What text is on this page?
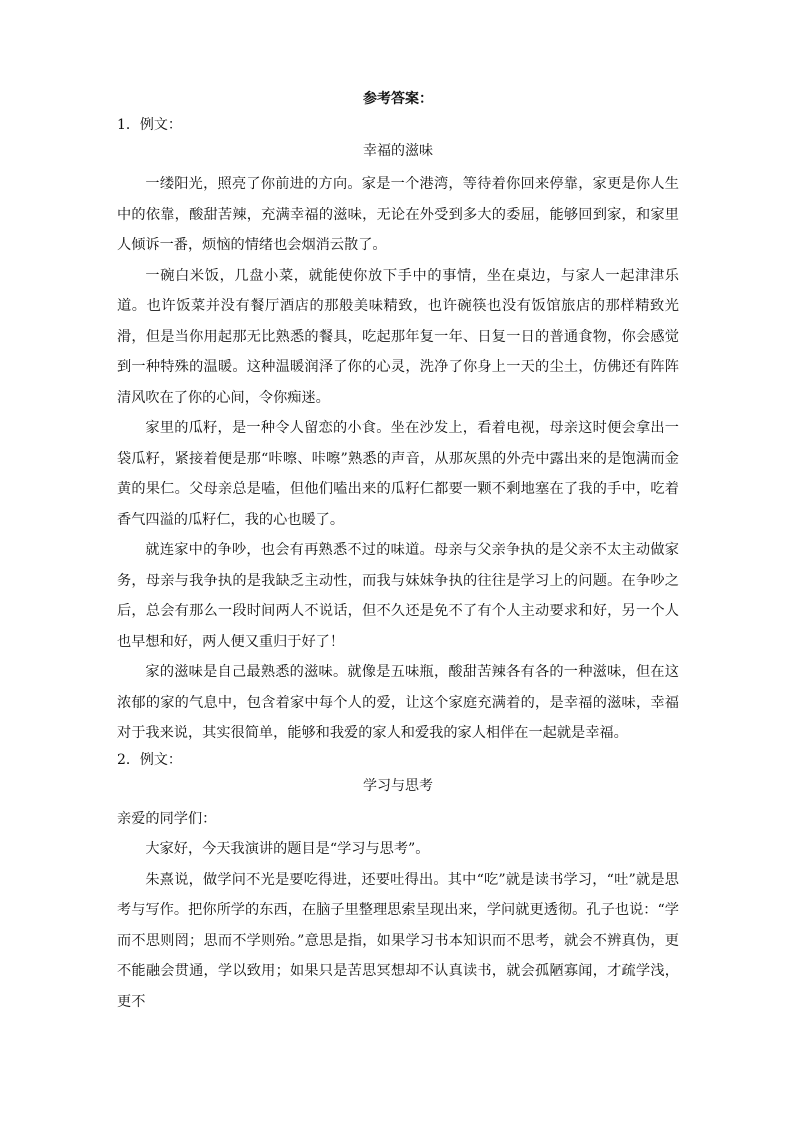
参考答案：
1．例文：
幸福的滋味

一缕阳光，照亮了你前进的方向。家是一个港湾，等待着你回来停靠，家更是你人生中的依靠，酸甜苦辣，充满幸福的滋味，无论在外受到多大的委屈，能够回到家，和家里人倾诉一番，烦恼的情绪也会烟消云散了。

一碗白米饭，几盘小菜，就能使你放下手中的事情，坐在桌边，与家人一起津津乐道。也许饭菜并没有餐厅酒店的那般美味精致，也许碗筷也没有饭馆旅店的那样精致光滑，但是当你用起那无比熟悉的餐具，吃起那年复一年、日复一日的普通食物，你会感觉到一种特殊的温暖。这种温暖润泽了你的心灵，洗净了你身上一天的尘土，仿佛还有阵阵清风吹在了你的心间，令你痴迷。

家里的瓜籽，是一种令人留恋的小食。坐在沙发上，看着电视，母亲这时便会拿出一袋瓜籽，紧接着便是那“咔嚓、咔嚓”熟悉的声音，从那灰黑的外壳中露出来的是饱满而金黄的果仁。父母亲总是嗑，但他们嗑出来的瓜籽仁都要一颗不剩地塞在了我的手中，吃着香气四溢的瓜籽仁，我的心也暖了。

就连家中的争吵，也会有再熟悉不过的味道。母亲与父亲争执的是父亲不太主动做家务，母亲与我争执的是我缺乏主动性，而我与妹妹争执的往往是学习上的问题。在争吵之后，总会有那么一段时间两人不说话，但不久还是免不了有个人主动要求和好，另一个人也早想和好，两人便又重归于好了！

家的滋味是自己最熟悉的滋味。就像是五味瓶，酸甜苦辣各有各的一种滋味，但在这浓郁的家的气息中，包含着家中每个人的爱，让这个家庭充满着的，是幸福的滋味，幸福对于我来说，其实很简单，能够和我爱的家人和爱我的家人相伴在一起就是幸福。

2．例文：
学习与思考

亲爱的同学们：

大家好，今天我演讲的题目是“学习与思考”。

朱熹说，做学问不光是要吃得进，还要吐得出。其中“吃”就是读书学习，“吐”就是思考与写作。把你所学的东西，在脑子里整理思索呈现出来，学问就更透彻。孔子也说：“学而不思则罔；思而不学则殆。”意思是指，如果学习书本知识而不思考，就会不辨真伪，更不能融会贯通，学以致用；如果只是苦思冥想却不认真读书，就会孤陋寡闻，才疏学浅，更不
